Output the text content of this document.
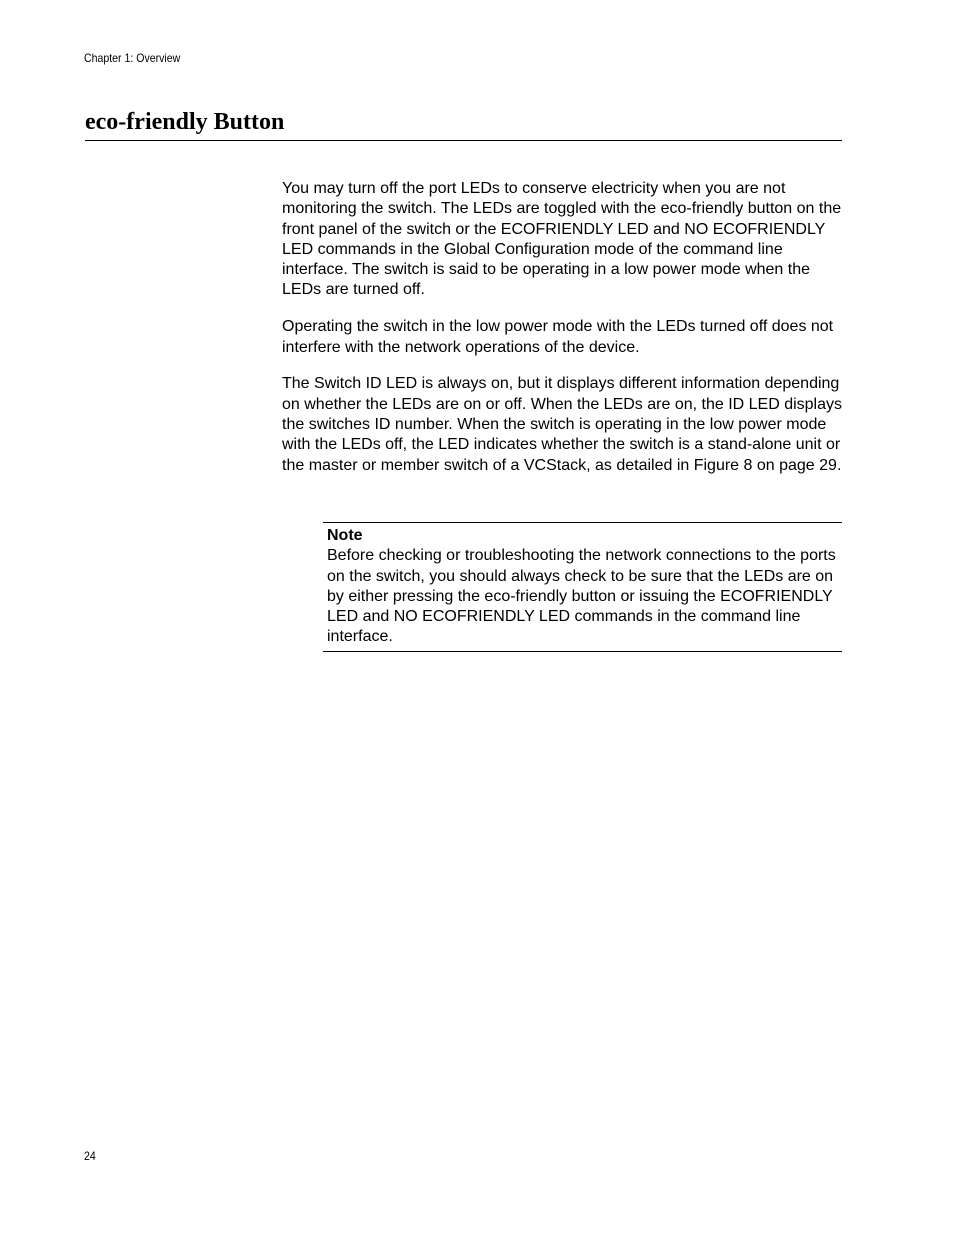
Chapter 1: Overview
eco-friendly Button

You may turn off the port LEDs to conserve electricity when you are not monitoring the switch. The LEDs are toggled with the eco-friendly button on the front panel of the switch or the ECOFRIENDLY LED and NO ECOFRIENDLY LED commands in the Global Configuration mode of the command line interface. The switch is said to be operating in a low power mode when the LEDs are turned off.

Operating the switch in the low power mode with the LEDs turned off does not interfere with the network operations of the device.

The Switch ID LED is always on, but it displays different information depending on whether the LEDs are on or off. When the LEDs are on, the ID LED displays the switches ID number. When the switch is operating in the low power mode with the LEDs off, the LED indicates whether the switch is a stand-alone unit or the master or member switch of a VCStack, as detailed in Figure 8 on page 29.

Note
Before checking or troubleshooting the network connections to the ports on the switch, you should always check to be sure that the LEDs are on by either pressing the eco-friendly button or issuing the ECOFRIENDLY LED and NO ECOFRIENDLY LED commands in the command line interface.
24
